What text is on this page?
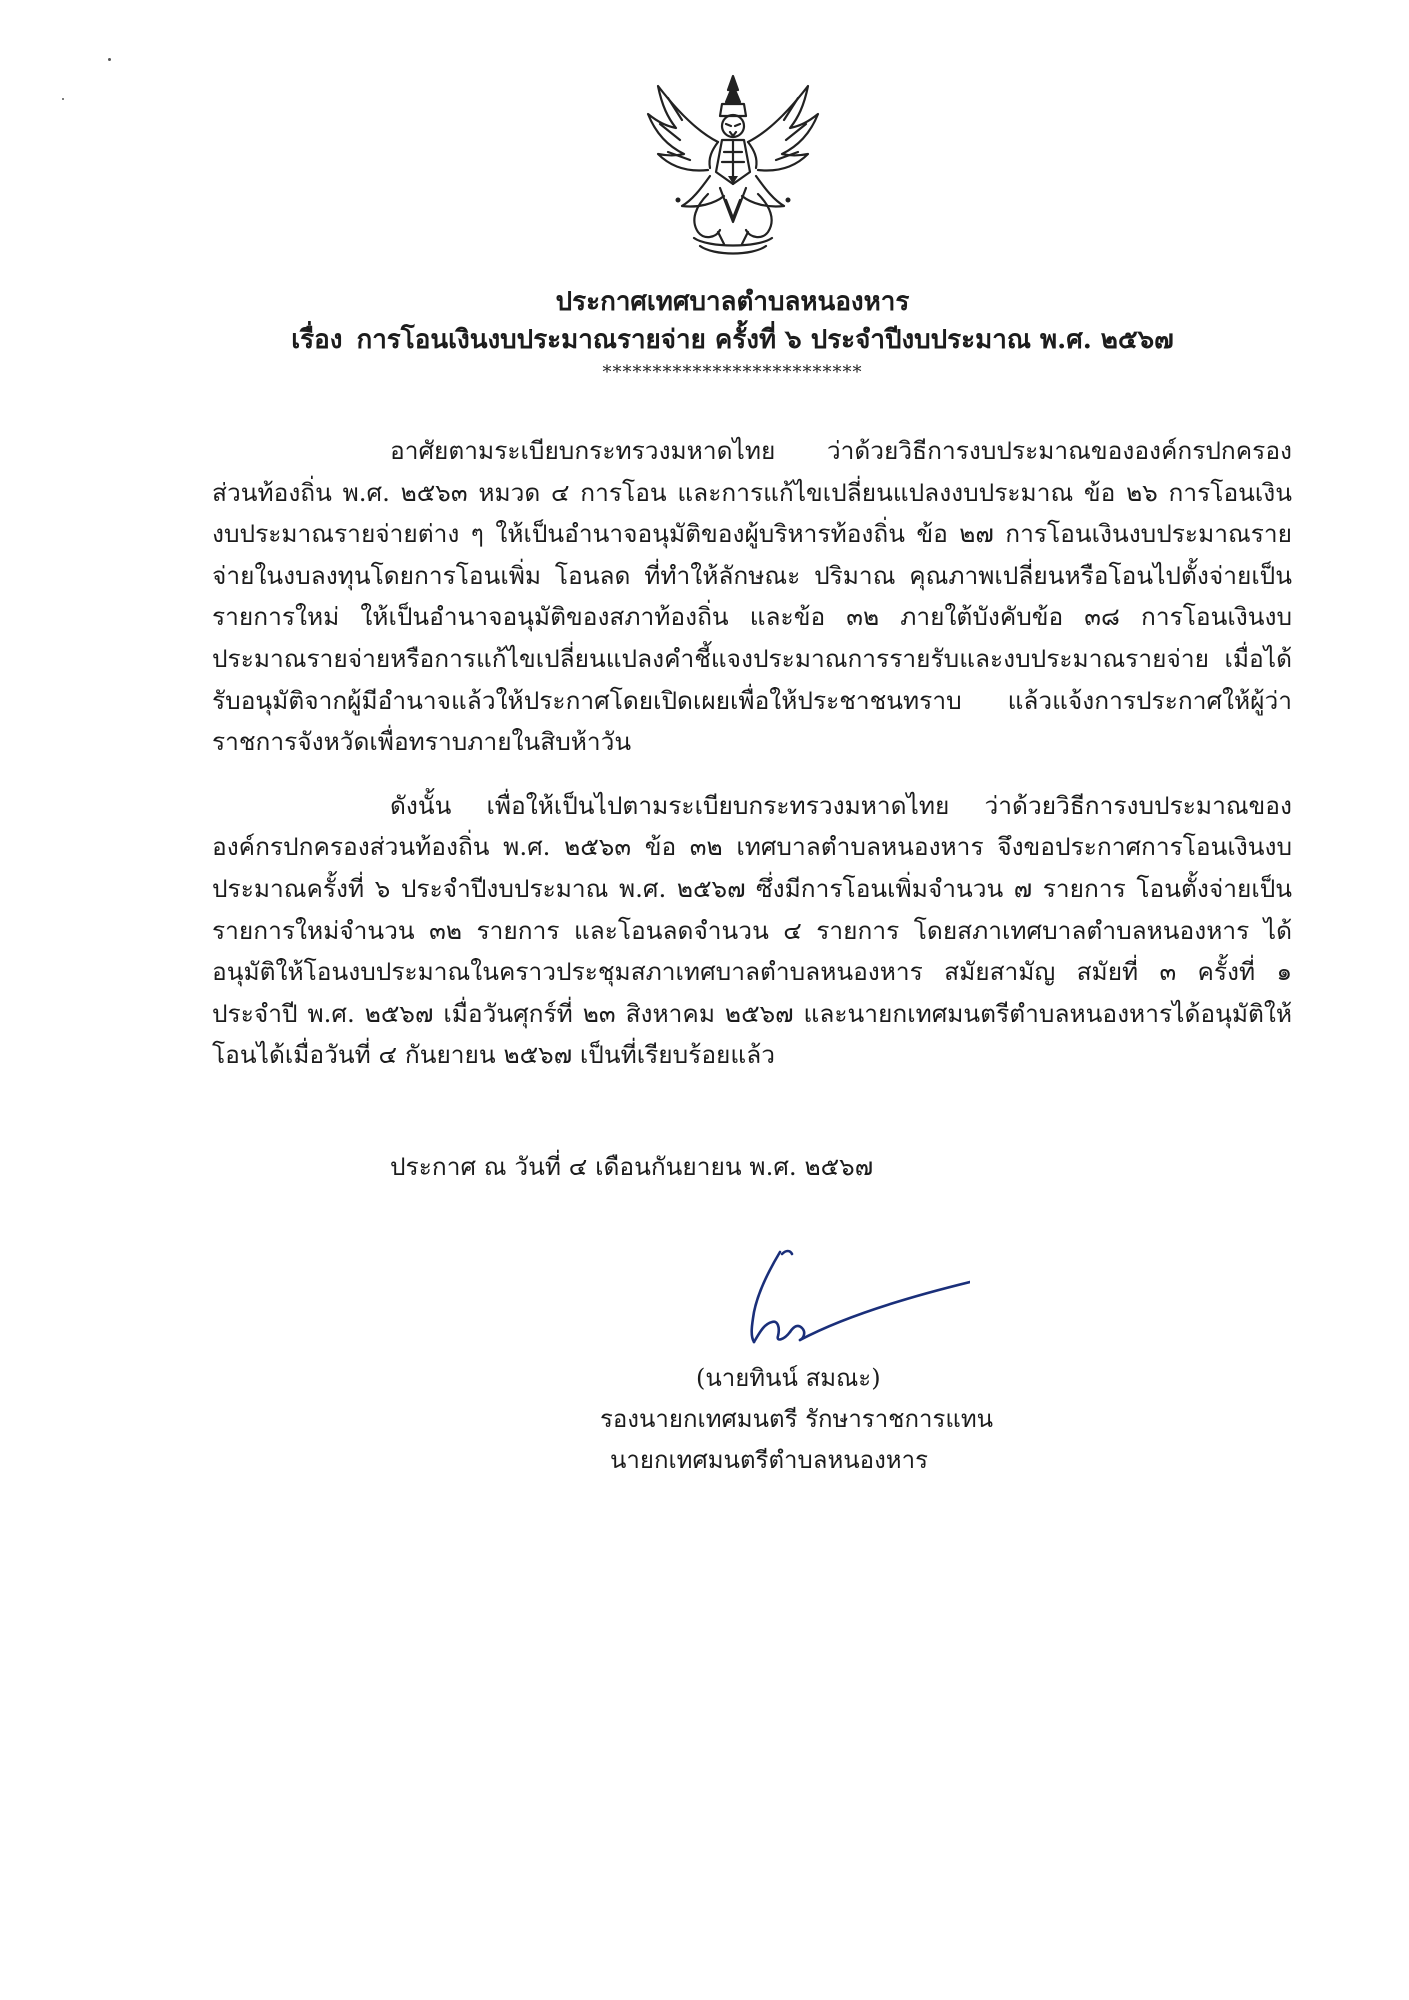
ประกาศเทศบาลตำบลหนองหาร
เรื่อง การโอนเงินงบประมาณรายจ่าย ครั้งที่ ๖ ประจำปีงบประมาณ พ.ศ. ๒๕๖๗
**************************

อาศัยตามระเบียบกระทรวงมหาดไทย ว่าด้วยวิธีการงบประมาณขององค์กรปกครองส่วนท้องถิ่น พ.ศ. ๒๕๖๓ หมวด ๔ การโอน และการแก้ไขเปลี่ยนแปลงงบประมาณ ข้อ ๒๖ การโอนเงินงบประมาณรายจ่ายต่าง ๆ ให้เป็นอำนาจอนุมัติของผู้บริหารท้องถิ่น ข้อ ๒๗ การโอนเงินงบประมาณรายจ่ายในงบลงทุนโดยการโอนเพิ่ม โอนลด ที่ทำให้ลักษณะ ปริมาณ คุณภาพเปลี่ยนหรือโอนไปตั้งจ่ายเป็นรายการใหม่ ให้เป็นอำนาจอนุมัติของสภาท้องถิ่น และข้อ ๓๒ ภายใต้บังคับข้อ ๓๘ การโอนเงินงบประมาณรายจ่ายหรือการแก้ไขเปลี่ยนแปลงคำชี้แจงประมาณการรายรับและงบประมาณรายจ่าย เมื่อได้รับอนุมัติจากผู้มีอำนาจแล้วให้ประกาศโดยเปิดเผยเพื่อให้ประชาชนทราบ แล้วแจ้งการประกาศให้ผู้ว่าราชการจังหวัดเพื่อทราบภายในสิบห้าวัน

ดังนั้น เพื่อให้เป็นไปตามระเบียบกระทรวงมหาดไทย ว่าด้วยวิธีการงบประมาณขององค์กรปกครองส่วนท้องถิ่น พ.ศ. ๒๕๖๓ ข้อ ๓๒ เทศบาลตำบลหนองหาร จึงขอประกาศการโอนเงินงบประมาณครั้งที่ ๖ ประจำปีงบประมาณ พ.ศ. ๒๕๖๗ ซึ่งมีการโอนเพิ่มจำนวน ๗ รายการ โอนตั้งจ่ายเป็นรายการใหม่จำนวน ๓๒ รายการ และโอนลดจำนวน ๔ รายการ โดยสภาเทศบาลตำบลหนองหาร ได้อนุมัติให้โอนงบประมาณในคราวประชุมสภาเทศบาลตำบลหนองหาร สมัยสามัญ สมัยที่ ๓ ครั้งที่ ๑ ประจำปี พ.ศ. ๒๕๖๗ เมื่อวันศุกร์ที่ ๒๓ สิงหาคม ๒๕๖๗ และนายกเทศมนตรีตำบลหนองหารได้อนุมัติให้โอนได้เมื่อวันที่ ๔ กันยายน ๒๕๖๗ เป็นที่เรียบร้อยแล้ว

ประกาศ ณ วันที่ ๔ เดือนกันยายน พ.ศ. ๒๕๖๗
(นายทินน์ สมณะ)
รองนายกเทศมนตรี รักษาราชการแทน
นายกเทศมนตรีตำบลหนองหาร
